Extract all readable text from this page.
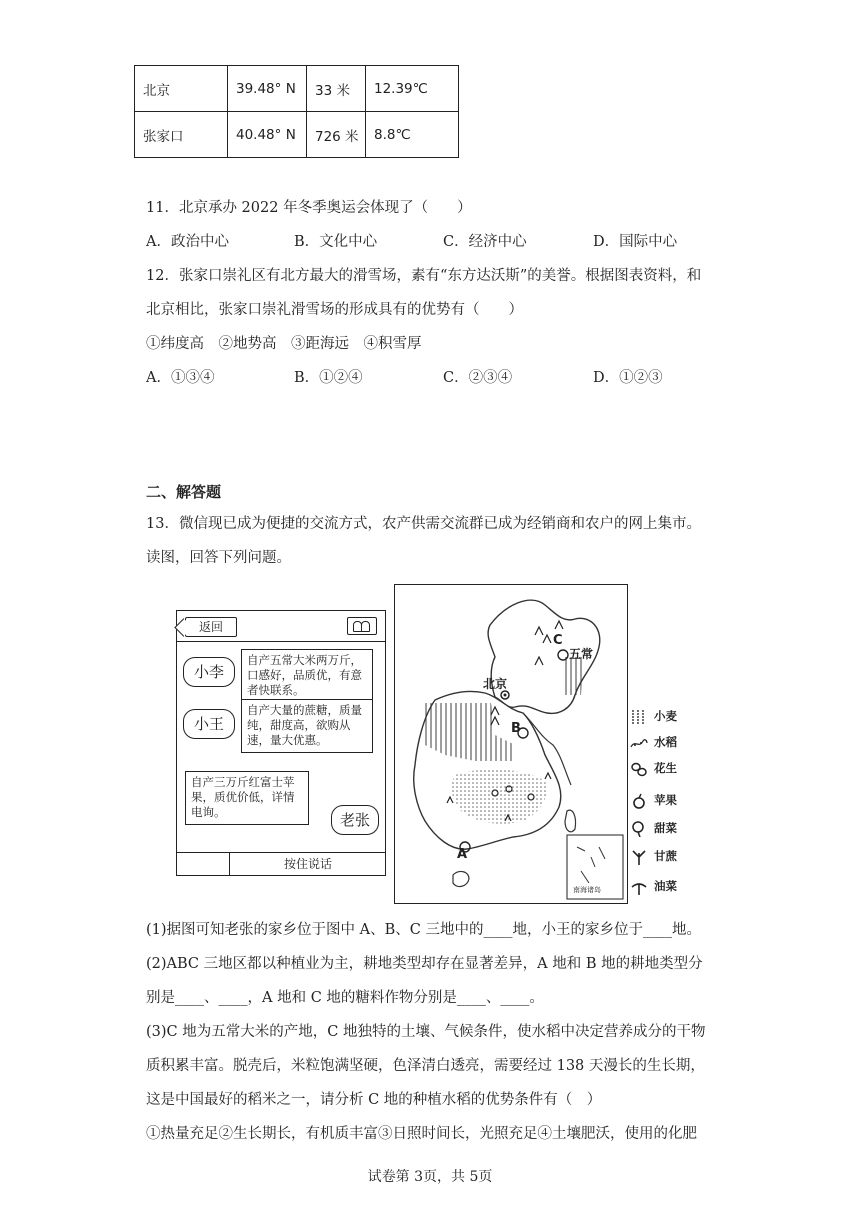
北京	39.48° N	33 米	12.39℃
张家口	40.48° N	726 米	8.8℃
11．北京承办 2022 年冬季奥运会体现了（　　）
A．政治中心	B．文化中心	C．经济中心	D．国际中心
12．张家口崇礼区有北方最大的滑雪场，素有“东方达沃斯”的美誉。根据图表资料，和
北京相比，张家口崇礼滑雪场的形成具有的优势有（　　）
①纬度高　②地势高　③距海远　④积雪厚
A．①③④	B．①②④	C．②③④	D．①②③
二、解答题
13．微信现已成为便捷的交流方式，农产供需交流群已成为经销商和农户的网上集市。
读图，回答下列问题。
返回
小李
自产五常大米两万斤，口感好，品质优，有意者快联系。
小王
自产大量的蔗糖，质量纯，甜度高，欲购从速，量大优惠。
自产三万斤红富士苹果，质优价低，详情电询。	老张
按住说话
北京
五常
C
B
A
南海诸岛
小麦
水稻
花生
苹果
甜菜
甘蔗
油菜
(1)据图可知老张的家乡位于图中 A、B、C 三地中的____地，小王的家乡位于____地。
(2)ABC 三地区都以种植业为主，耕地类型却存在显著差异，A 地和 B 地的耕地类型分
别是____、____，A 地和 C 地的糖料作物分别是____、____。
(3)C 地为五常大米的产地，C 地独特的土壤、气候条件，使水稻中决定营养成分的干物
质积累丰富。脱壳后，米粒饱满坚硬，色泽清白透亮，需要经过 138 天漫长的生长期，
这是中国最好的稻米之一，请分析 C 地的种植水稻的优势条件有（　）
①热量充足②生长期长，有机质丰富③日照时间长，光照充足④土壤肥沃，使用的化肥
试卷第 3页，共 5页
